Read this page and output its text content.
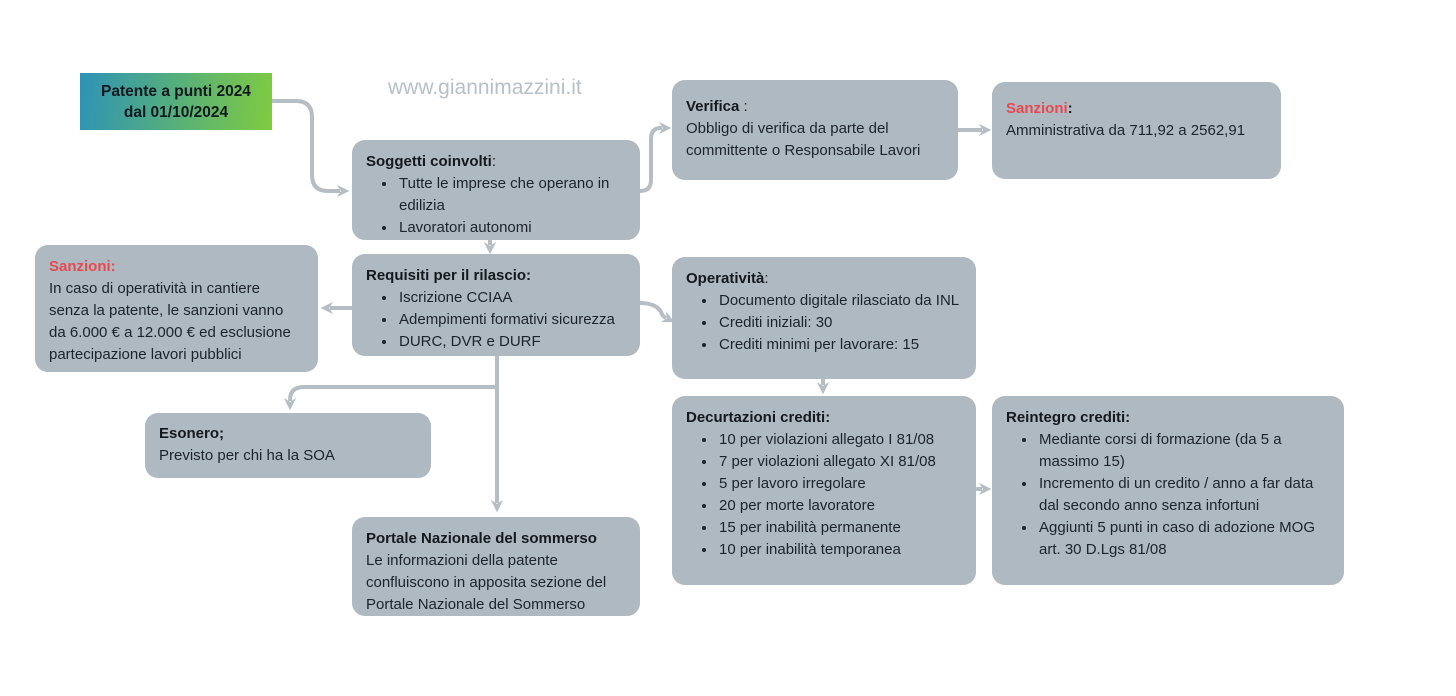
Patente a punti 2024
dal 01/10/2024
www.giannimazzini.it

Verifica :

Obbligo di verifica da parte del committente o Responsabile Lavori

Sanzioni:

Amministrativa da 711,92 a 2562,91

Soggetti coinvolti:

• Tutte le imprese che operano in edilizia
• Lavoratori autonomi

Requisiti per il rilascio:

• Iscrizione CCIAA
• Adempimenti formativi sicurezza
• DURC, DVR e DURF

Operatività:

• Documento digitale rilasciato da INL
• Crediti iniziali: 30
• Crediti minimi per lavorare: 15

Sanzioni:

In caso di operatività in cantiere senza la patente, le sanzioni vanno da 6.000 € a 12.000 € ed esclusione partecipazione lavori pubblici

Esonero;

Previsto per chi ha la SOA

Decurtazioni crediti:

• 10 per violazioni allegato I 81/08
• 7 per violazioni allegato XI 81/08
• 5 per lavoro irregolare
• 20 per morte lavoratore
• 15 per inabilità permanente
• 10 per inabilità temporanea

Reintegro crediti:

• Mediante corsi di formazione (da 5 a massimo 15)
• Incremento di un credito / anno a far data dal secondo anno senza infortuni
• Aggiunti 5 punti in caso di adozione MOG art. 30 D.Lgs 81/08

Portale Nazionale del sommerso

Le informazioni della patente confluiscono in apposita sezione del Portale Nazionale del Sommerso
